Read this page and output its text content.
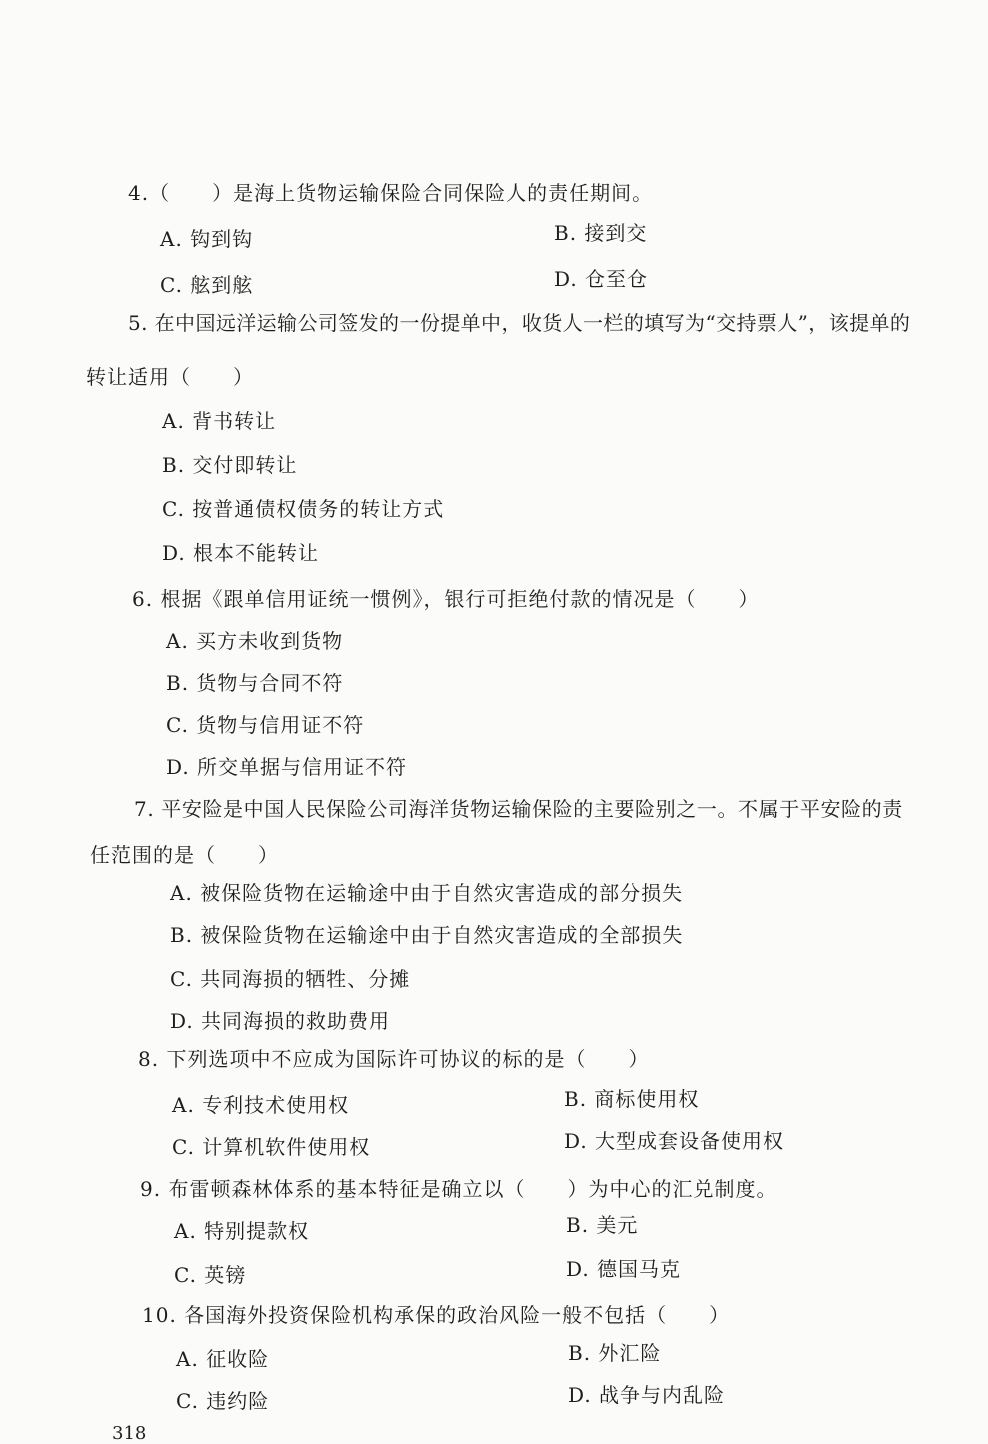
4.（　　）是海上货物运输保险合同保险人的责任期间。
A. 钩到钩	B. 接到交
C. 舷到舷	D. 仓至仓
5. 在中国远洋运输公司签发的一份提单中，收货人一栏的填写为“交持票人”，该提单的
转让适用（　　）
A. 背书转让
B. 交付即转让
C. 按普通债权债务的转让方式
D. 根本不能转让
6. 根据《跟单信用证统一惯例》，银行可拒绝付款的情况是（　　）
A. 买方未收到货物
B. 货物与合同不符
C. 货物与信用证不符
D. 所交单据与信用证不符
7. 平安险是中国人民保险公司海洋货物运输保险的主要险别之一。不属于平安险的责
任范围的是（　　）
A. 被保险货物在运输途中由于自然灾害造成的部分损失
B. 被保险货物在运输途中由于自然灾害造成的全部损失
C. 共同海损的牺牲、分摊
D. 共同海损的救助费用
8. 下列选项中不应成为国际许可协议的标的是（　　）
A. 专利技术使用权	B. 商标使用权
C. 计算机软件使用权	D. 大型成套设备使用权
9. 布雷顿森林体系的基本特征是确立以（　　）为中心的汇兑制度。
A. 特别提款权	B. 美元
C. 英镑	D. 德国马克
10. 各国海外投资保险机构承保的政治风险一般不包括（　　）
A. 征收险	B. 外汇险
C. 违约险	D. 战争与内乱险
318
